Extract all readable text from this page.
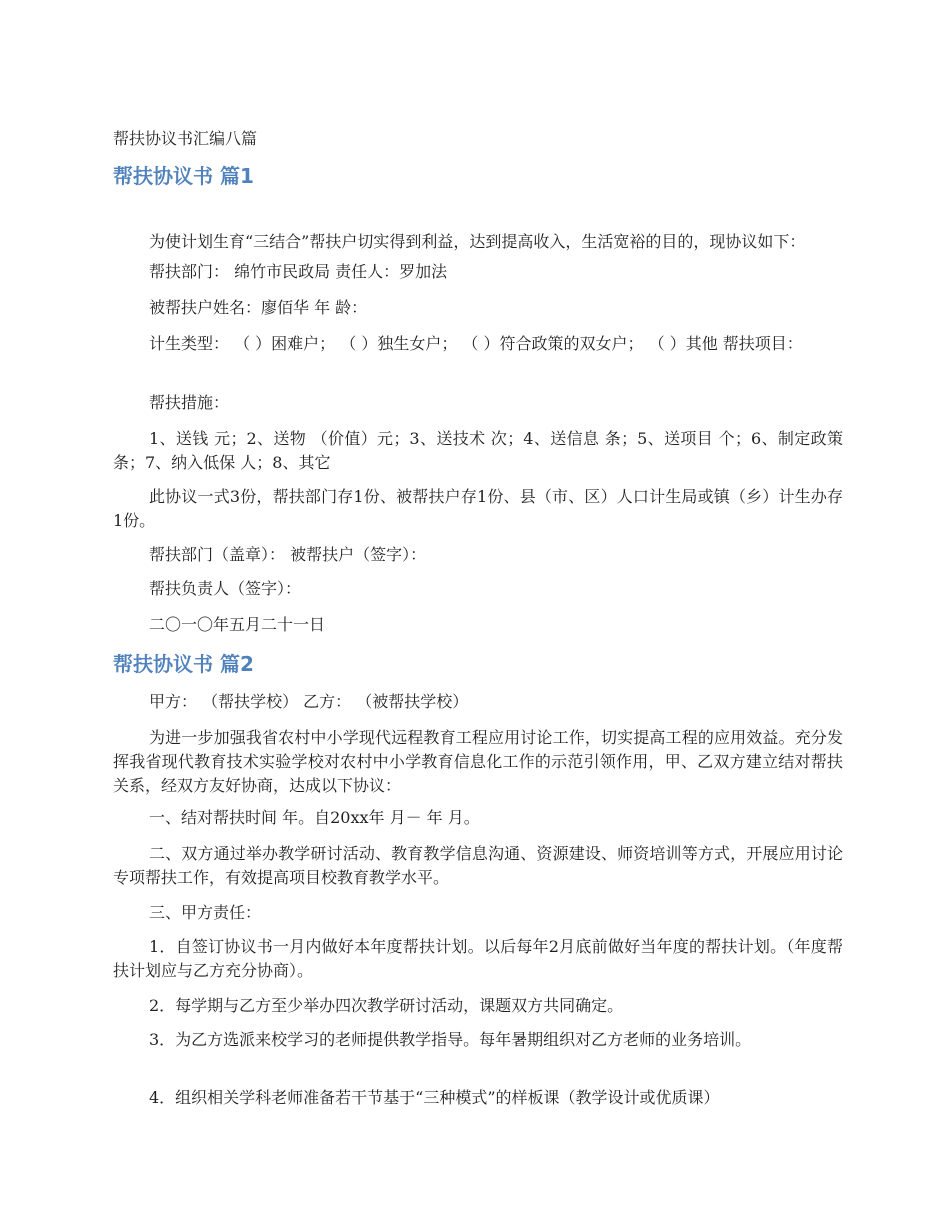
帮扶协议书汇编八篇
帮扶协议书 篇1

为使计划生育“三结合”帮扶户切实得到利益，达到提高收入，生活宽裕的目的，现协议如下：

帮扶部门： 绵竹市民政局 责任人：罗加法

被帮扶户姓名：廖佰华 年 龄：

计生类型： （ ）困难户； （ ）独生女户； （ ）符合政策的双女户； （ ）其他 帮扶项目：

帮扶措施：

1、送钱 元；2、送物 （价值）元；3、送技术 次；4、送信息 条；5、送项目 个；6、制定政策 条；7、纳入低保 人；8、其它

此协议一式3份，帮扶部门存1份、被帮扶户存1份、县（市、区）人口计生局或镇（乡）计生办存1份。

帮扶部门（盖章）： 被帮扶户（签字）：

帮扶负责人（签字）：

二〇一〇年五月二十一日

帮扶协议书 篇2

甲方： （帮扶学校） 乙方： （被帮扶学校）

为进一步加强我省农村中小学现代远程教育工程应用讨论工作，切实提高工程的应用效益。充分发挥我省现代教育技术实验学校对农村中小学教育信息化工作的示范引领作用，甲、乙双方建立结对帮扶关系，经双方友好协商，达成以下协议：

一、结对帮扶时间 年。自20xx年 月－ 年 月。

二、双方通过举办教学研讨活动、教育教学信息沟通、资源建设、师资培训等方式，开展应用讨论专项帮扶工作，有效提高项目校教育教学水平。

三、甲方责任：

1．自签订协议书一月内做好本年度帮扶计划。以后每年2月底前做好当年度的帮扶计划。（年度帮扶计划应与乙方充分协商）。

2．每学期与乙方至少举办四次教学研讨活动，课题双方共同确定。

3．为乙方选派来校学习的老师提供教学指导。每年暑期组织对乙方老师的业务培训。

4．组织相关学科老师准备若干节基于“三种模式”的样板课（教学设计或优质课）
